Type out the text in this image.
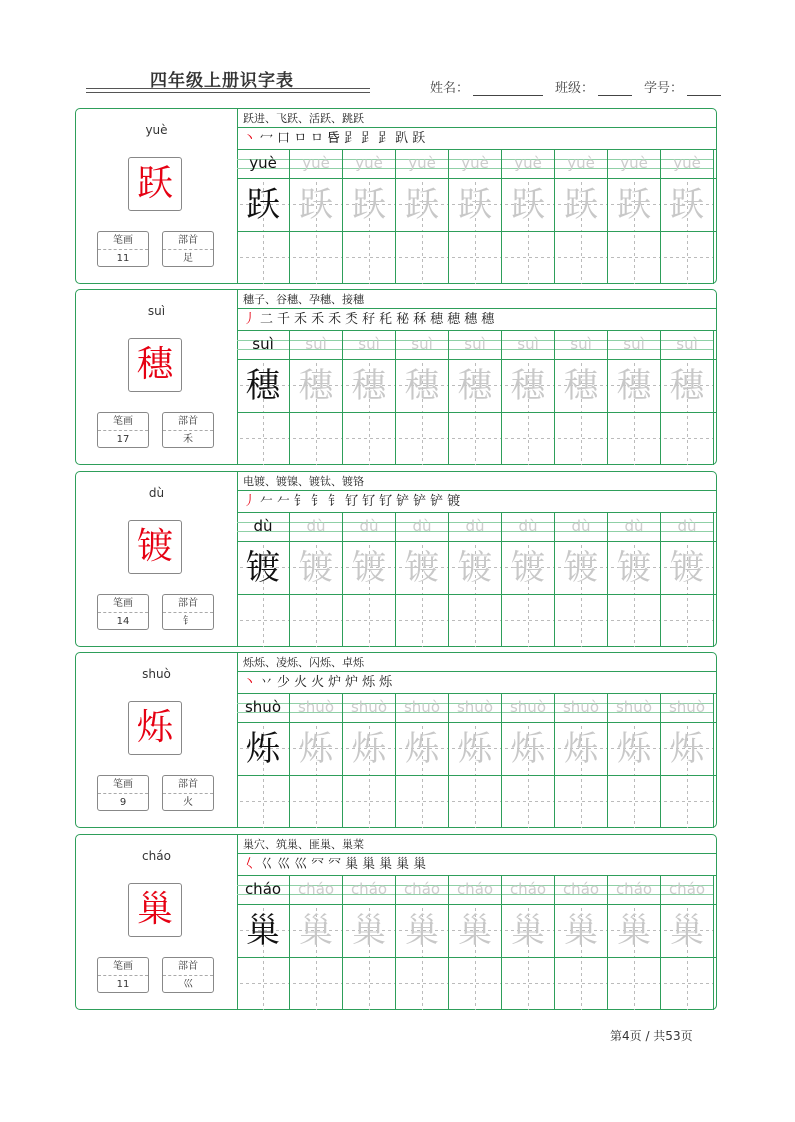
四年级上册识字表	姓名：	班级：	学号：
yuè
跃
笔画
11
部首
足
跃进、飞跃、活跃、跳跃
丶 冖 口 ㅁ ㅁ 𠯑 𧾷 𧾷 𧾷 趴 跃
yuè	yuè	yuè	yuè	yuè	yuè	yuè	yuè	yuè
跃 跃 跃 跃 跃 跃 跃 跃 跃
suì
穗
笔画
17
部首
禾
穗子、谷穗、孕穗、接穗
丿 二 千 禾 禾 禾 秂 秄 秅 秘 秝 穂 穂 穗 穗
suì	suì	suì	suì	suì	suì	suì	suì	suì
穗 穗 穗 穗 穗 穗 穗 穗 穗
dù
镀
笔画
14
部首
钅
电镀、镀镍、镀钛、镀铬
丿 𠂉 𠂉 钅 钅 钅 钌 钌 钌 铲 铲 铲 镀
dù	dù	dù	dù	dù	dù	dù	dù	dù
镀 镀 镀 镀 镀 镀 镀 镀 镀
shuò
烁
笔画
9
部首
火
烁烁、凌烁、闪烁、卓烁
丶 丷 少 火 火 炉 炉 烁 烁
shuò	shuò	shuò	shuò	shuò	shuò	shuò	shuò	shuò
烁 烁 烁 烁 烁 烁 烁 烁 烁
cháo
巢
笔画
11
部首
巛
巢穴、筑巢、匪巢、巢菜
𡿨 巜 巛 巛 㓁 㓁 巢 巢 巢 巢 巢
cháo	cháo	cháo	cháo	cháo	cháo	cháo	cháo	cháo
巢 巢 巢 巢 巢 巢 巢 巢 巢
第4页 / 共53页
